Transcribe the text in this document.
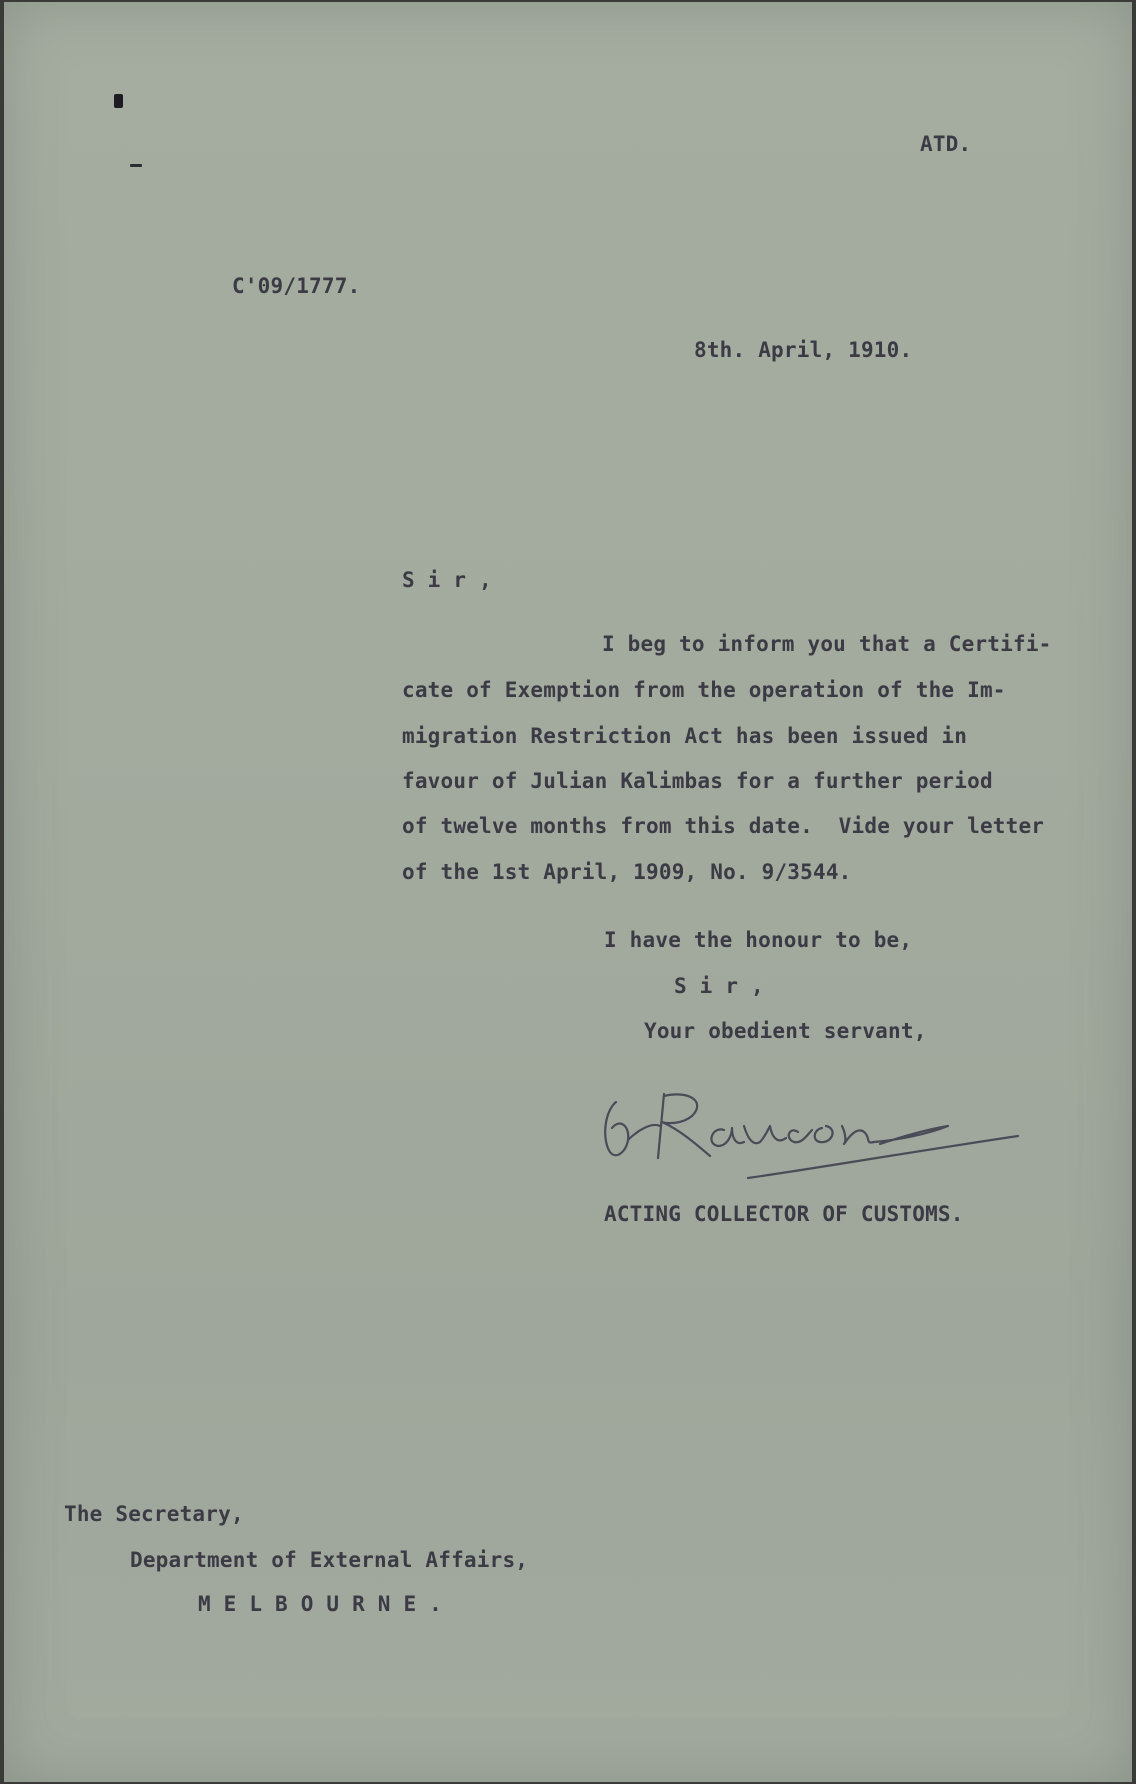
ATD.

C'09/1777.

8th. April, 1910.

S i r ,

I beg to inform you that a Certifi-

cate of Exemption from the operation of the Im-

migration Restriction Act has been issued in

favour of Julian Kalimbas for a further period

of twelve months from this date.  Vide your letter

of the 1st April, 1909, No. 9/3544.

I have the honour to be,

S i r ,

Your obedient servant,

ACTING COLLECTOR OF CUSTOMS.

The Secretary,

Department of External Affairs,

M E L B O U R N E .
